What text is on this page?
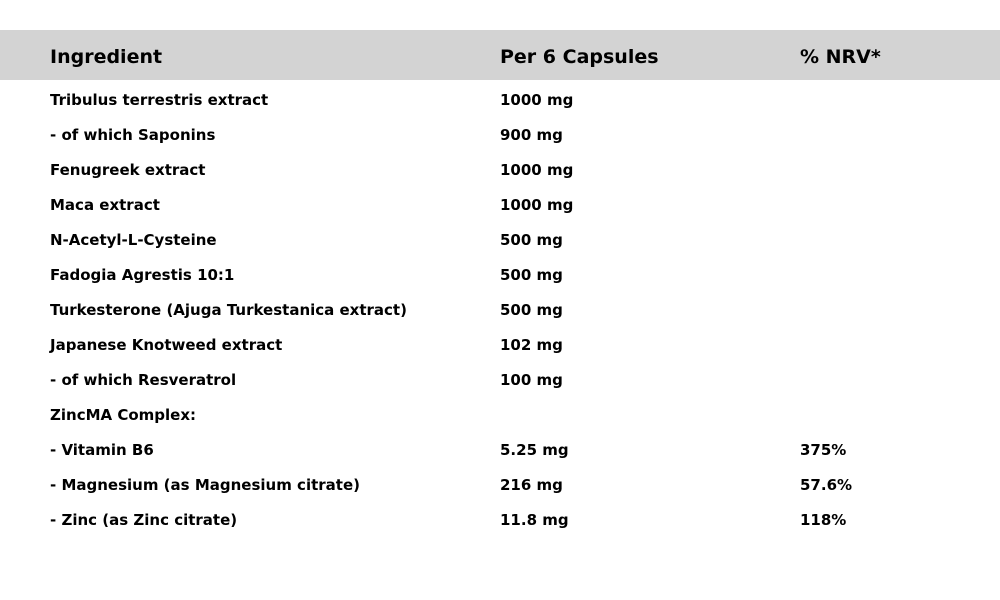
Ingredient	Per 6 Capsules	% NRV*
Tribulus terrestris extract	1000 mg
- of which Saponins	900 mg
Fenugreek extract	1000 mg
Maca extract	1000 mg
N-Acetyl-L-Cysteine	500 mg
Fadogia Agrestis 10:1	500 mg
Turkesterone (Ajuga Turkestanica extract)	500 mg
Japanese Knotweed extract	102 mg
- of which Resveratrol	100 mg
ZincMA Complex:
- Vitamin B6	5.25 mg	375%
- Magnesium (as Magnesium citrate)	216 mg	57.6%
- Zinc (as Zinc citrate)	11.8 mg	118%
